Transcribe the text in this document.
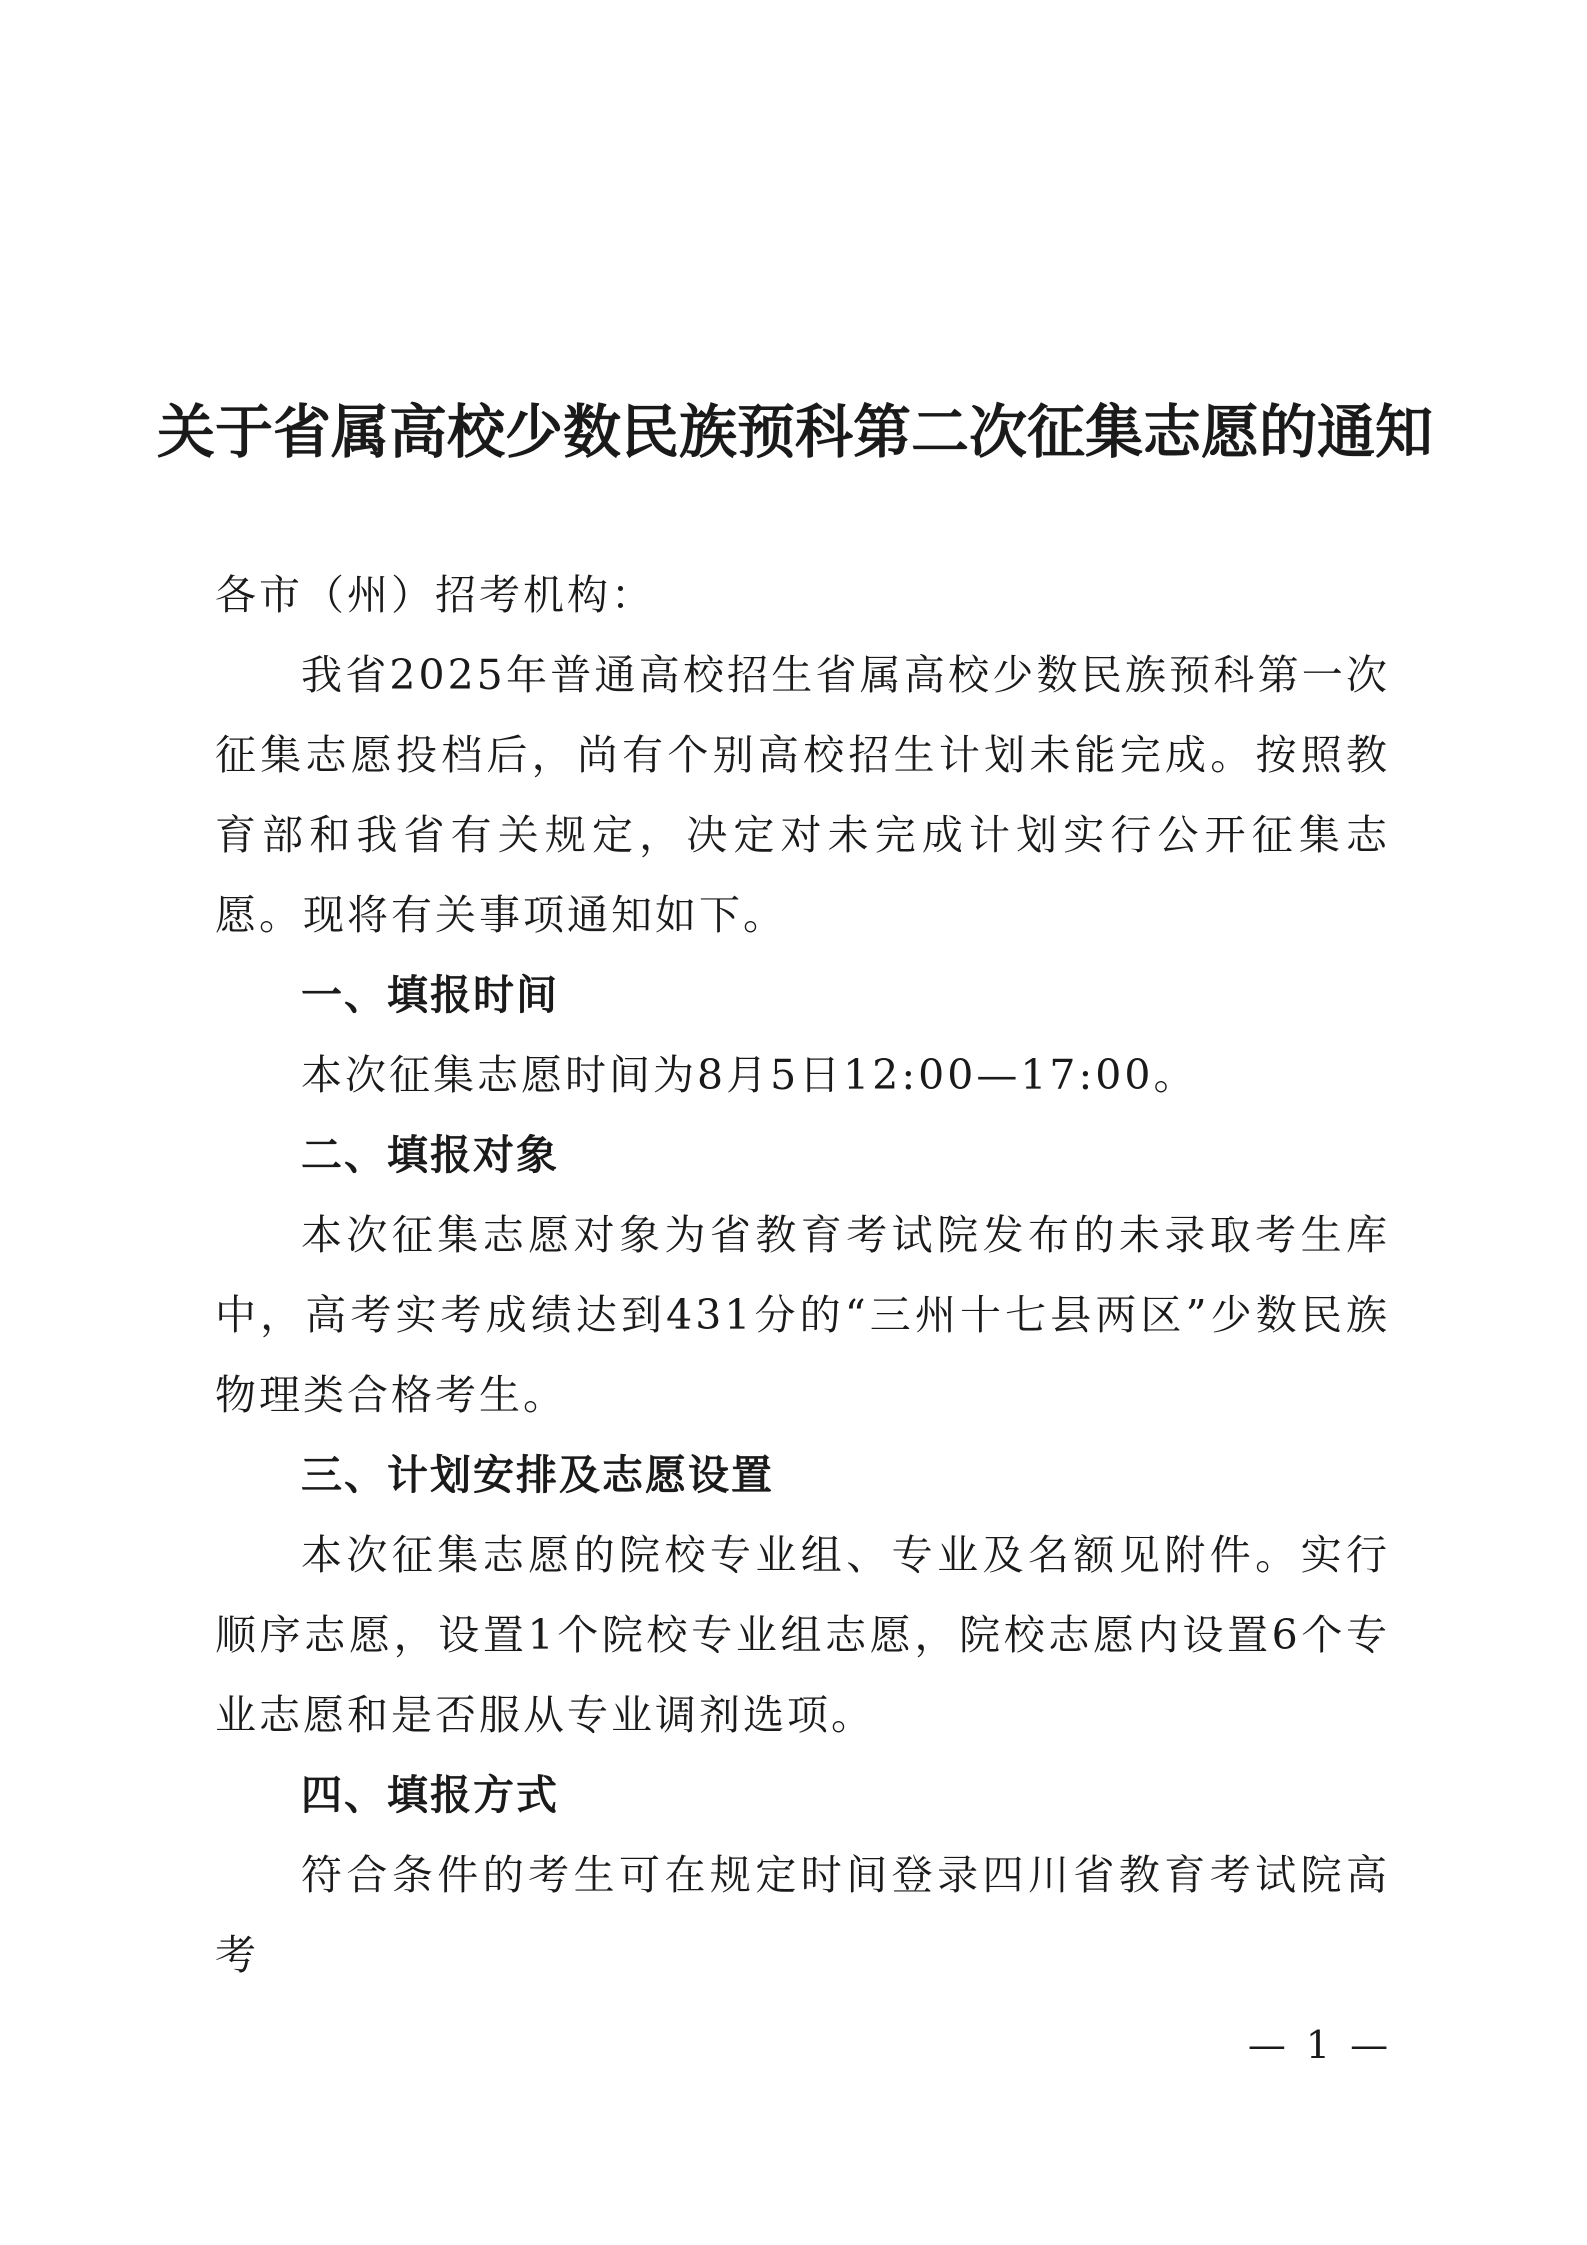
关于省属高校少数民族预科第二次征集志愿的通知
各市（州）招考机构：

我省2025年普通高校招生省属高校少数民族预科第一次征集志愿投档后，尚有个别高校招生计划未能完成。按照教育部和我省有关规定，决定对未完成计划实行公开征集志愿。现将有关事项通知如下。

一、填报时间

本次征集志愿时间为8月5日12:00—17:00。

二、填报对象

本次征集志愿对象为省教育考试院发布的未录取考生库中，高考实考成绩达到431分的“三州十七县两区”少数民族物理类合格考生。

三、计划安排及志愿设置

本次征集志愿的院校专业组、专业及名额见附件。实行顺序志愿，设置1个院校专业组志愿，院校志愿内设置6个专业志愿和是否服从专业调剂选项。

四、填报方式

符合条件的考生可在规定时间登录四川省教育考试院高考

— 1 —
